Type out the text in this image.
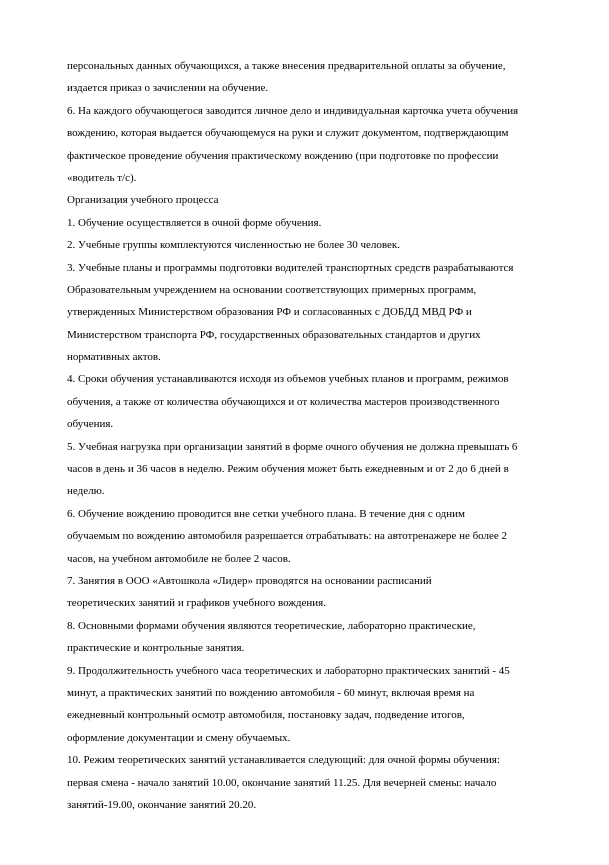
персональных данных обучающихся, а также внесения предварительной оплаты за обучение,
издается приказ о зачислении на обучение.
6. На каждого обучающегося заводится личное дело и индивидуальная карточка учета обучения
вождению, которая выдается обучающемуся на руки и служит документом, подтверждающим
фактическое проведение обучения практическому вождению (при подготовке по профессии
«водитель т/с).
Организация учебного процесса
1. Обучение осуществляется в очной форме обучения.
2. Учебные группы комплектуются численностью не более 30 человек.
3. Учебные планы и программы подготовки водителей транспортных средств разрабатываются
Образовательным учреждением на основании соответствующих примерных программ,
утвержденных Министерством образования РФ и согласованных с ДОБДД МВД РФ и
Министерством транспорта РФ, государственных образовательных стандартов и других
нормативных актов.
4. Сроки обучения устанавливаются исходя из объемов учебных планов и программ, режимов
обучения, а также от количества обучающихся и от количества мастеров производственного
обучения.
5. Учебная нагрузка при организации занятий в форме очного обучения не должна превышать 6
часов в день и 36 часов в неделю. Режим обучения может быть ежедневным и от 2 до 6 дней в
неделю.
6. Обучение вождению проводится вне сетки учебного плана. В течение дня с одним
обучаемым по вождению автомобиля разрешается отрабатывать: на автотренажере не более 2
часов, на учебном автомобиле не более 2 часов.
7. Занятия в ООО «Автошкола «Лидер» проводятся на основании расписаний
теоретических занятий и графиков учебного вождения.
8. Основными формами обучения являются теоретические, лабораторно практические,
практические и контрольные занятия.
9. Продолжительность учебного часа теоретических и лабораторно практических занятий - 45
минут, а практических занятий по вождению автомобиля - 60 минут, включая время на
ежедневный контрольный осмотр автомобиля, постановку задач, подведение итогов,
оформление документации и смену обучаемых.
10. Режим теоретических занятий устанавливается следующий: для очной формы обучения:
первая смена - начало занятий 10.00, окончание занятий 11.25. Для вечерней смены: начало
занятий-19.00, окончание занятий 20.20.
